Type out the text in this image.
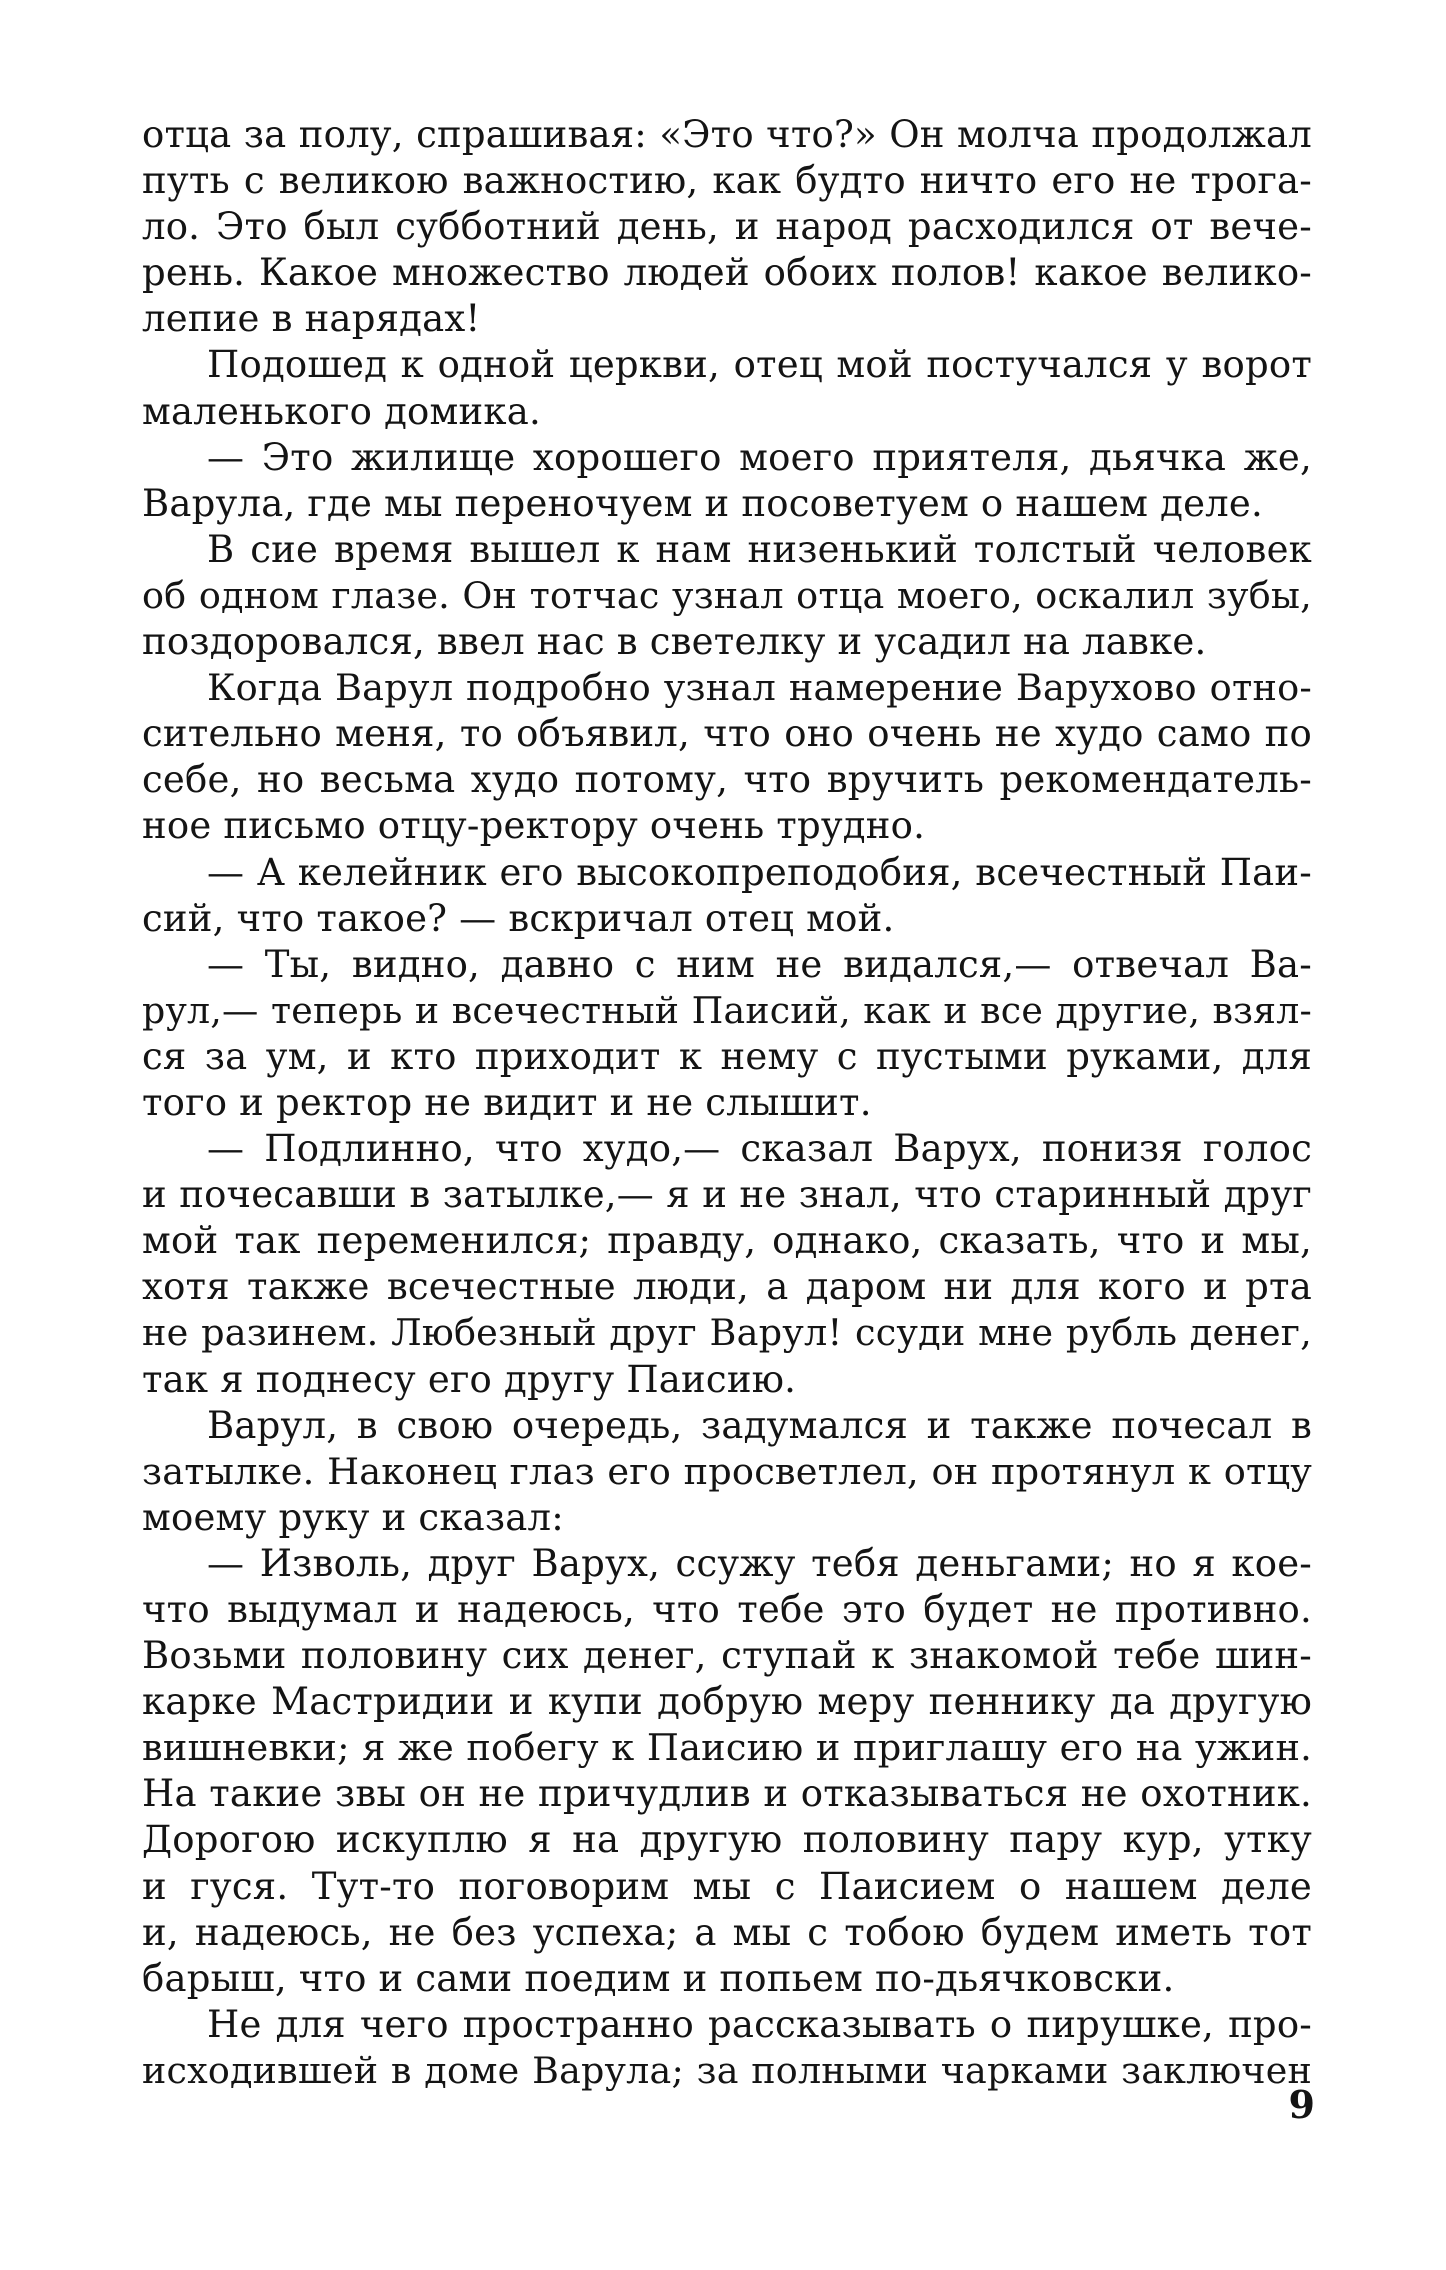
отца за полу, спрашивая: «Это что?» Он молча продолжал
путь с великою важностию, как будто ничто его не трога-
ло. Это был субботний день, и народ расходился от вече-
рень. Какое множество людей обоих полов! какое велико-
лепие в нарядах!
Подошед к одной церкви, отец мой постучался у ворот
маленького домика.
— Это жилище хорошего моего приятеля, дьячка же,
Варула, где мы переночуем и посоветуем о нашем деле.
В сие время вышел к нам низенький толстый человек
об одном глазе. Он тотчас узнал отца моего, оскалил зубы,
поздоровался, ввел нас в светелку и усадил на лавке.
Когда Варул подробно узнал намерение Варухово отно-
сительно меня, то объявил, что оно очень не худо само по
себе, но весьма худо потому, что вручить рекомендатель-
ное письмо отцу-ректору очень трудно.
— А келейник его высокопреподобия, всечестный Паи-
сий, что такое? — вскричал отец мой.
— Ты, видно, давно с ним не видался,— отвечал Ва-
рул,— теперь и всечестный Паисий, как и все другие, взял-
ся за ум, и кто приходит к нему с пустыми руками, для
того и ректор не видит и не слышит.
— Подлинно, что худо,— сказал Варух, понизя голос
и почесавши в затылке,— я и не знал, что старинный друг
мой так переменился; правду, однако, сказать, что и мы,
хотя также всечестные люди, а даром ни для кого и рта
не разинем. Любезный друг Варул! ссуди мне рубль денег,
так я поднесу его другу Паисию.
Варул, в свою очередь, задумался и также почесал в
затылке. Наконец глаз его просветлел, он протянул к отцу
моему руку и сказал:
— Изволь, друг Варух, ссужу тебя деньгами; но я кое-
что выдумал и надеюсь, что тебе это будет не противно.
Возьми половину сих денег, ступай к знакомой тебе шин-
карке Мастридии и купи добрую меру пеннику да другую
вишневки; я же побегу к Паисию и приглашу его на ужин.
На такие звы он не причудлив и отказываться не охотник.
Дорогою искуплю я на другую половину пару кур, утку
и гуся. Тут-то поговорим мы с Паисием о нашем деле
и, надеюсь, не без успеха; а мы с тобою будем иметь тот
барыш, что и сами поедим и попьем по-дьячковски.
Не для чего пространно рассказывать о пирушке, про-
исходившей в доме Варула; за полными чарками заключен
9
